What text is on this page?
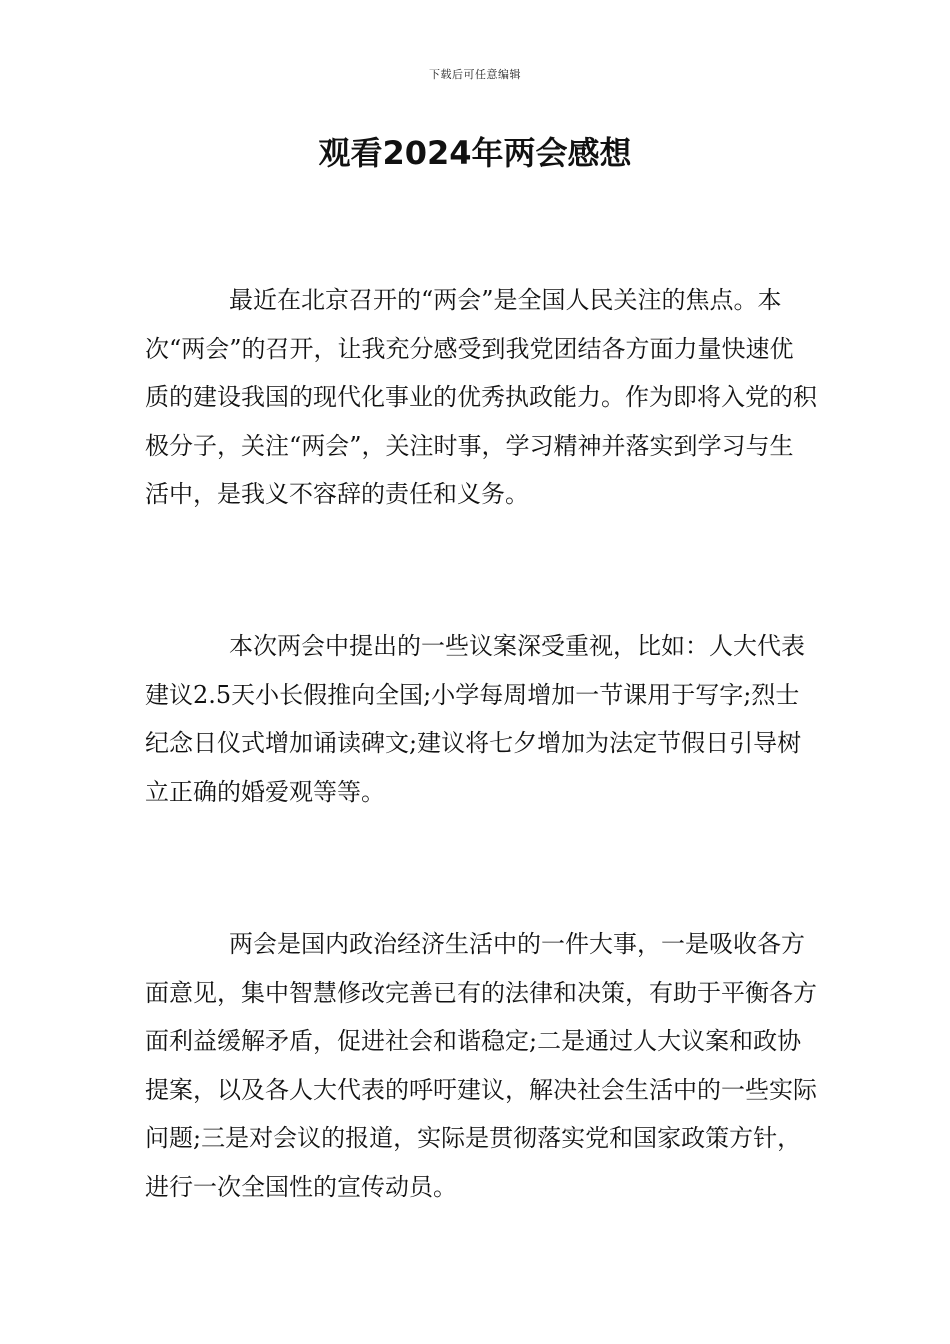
下载后可任意编辑
观看2024年两会感想

最近在北京召开的“两会”是全国人民关注的焦点。本次“两会”的召开，让我充分感受到我党团结各方面力量快速优质的建设我国的现代化事业的优秀执政能力。作为即将入党的积极分子，关注“两会”，关注时事，学习精神并落实到学习与生活中，是我义不容辞的责任和义务。

本次两会中提出的一些议案深受重视，比如：人大代表建议2.5天小长假推向全国;小学每周增加一节课用于写字;烈士纪念日仪式增加诵读碑文;建议将七夕增加为法定节假日引导树立正确的婚爱观等等。

两会是国内政治经济生活中的一件大事，一是吸收各方面意见，集中智慧修改完善已有的法律和决策，有助于平衡各方面利益缓解矛盾，促进社会和谐稳定;二是通过人大议案和政协提案，以及各人大代表的呼吁建议，解决社会生活中的一些实际问题;三是对会议的报道，实际是贯彻落实党和国家政策方针，进行一次全国性的宣传动员。
